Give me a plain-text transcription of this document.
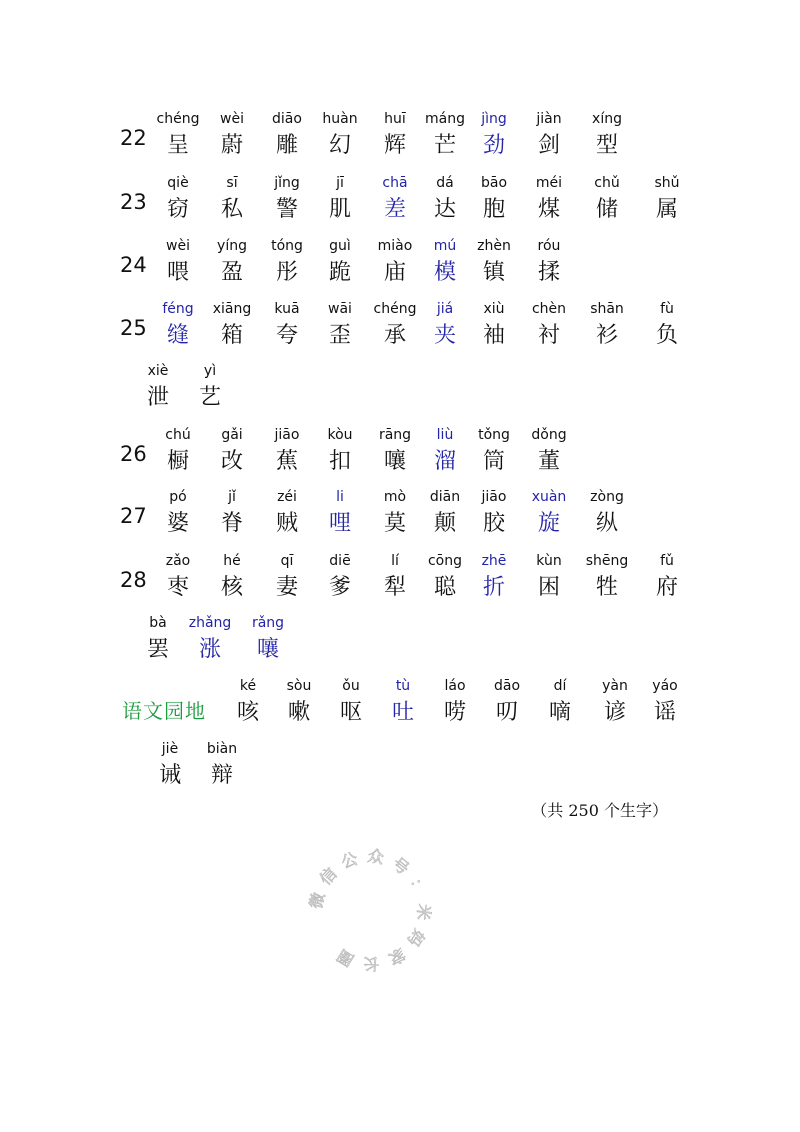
22
chéng
呈
wèi
蔚
diāo
雕
huàn
幻
huī
辉
máng
芒
jìng
劲
jiàn
剑
xíng
型
23
qiè
窃
sī
私
jǐng
警
jī
肌
chā
差
dá
达
bāo
胞
méi
煤
chǔ
储
shǔ
属
24
wèi
喂
yíng
盈
tóng
彤
guì
跪
miào
庙
mú
模
zhèn
镇
róu
揉
25
féng
缝
xiāng
箱
kuā
夸
wāi
歪
chéng
承
jiá
夹
xiù
袖
chèn
衬
shān
衫
fù
负
xiè
泄
yì
艺
26
chú
橱
gǎi
改
jiāo
蕉
kòu
扣
rāng
嚷
liù
溜
tǒng
筒
dǒng
董
27
pó
婆
jǐ
脊
zéi
贼
li
哩
mò
莫
diān
颠
jiāo
胶
xuàn
旋
zòng
纵
28
zǎo
枣
hé
核
qī
妻
diē
爹
lí
犁
cōng
聪
zhē
折
kùn
困
shēng
牲
fǔ
府
bà
罢
zhǎng
涨
rǎng
嚷
语文园地
ké
咳
sòu
嗽
ǒu
呕
tù
吐
láo
唠
dāo
叨
dí
嘀
yàn
谚
yáo
谣
jiè
诫
biàn
辩
（共 250 个生字）
微信公众号：米妈家长圈
